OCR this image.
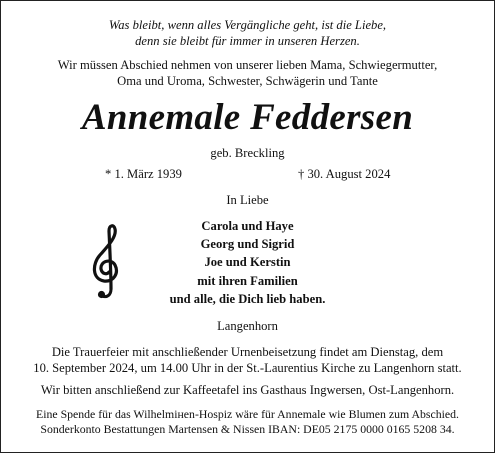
Was bleibt, wenn alles Vergängliche geht, ist die Liebe,
denn sie bleibt für immer in unseren Herzen.
Wir müssen Abschied nehmen von unserer lieben Mama, Schwiegermutter,
Oma und Uroma, Schwester, Schwägerin und Tante
Annemale Feddersen
geb. Breckling
* 1. März 1939	† 30. August 2024
In Liebe
Carola und Haye
Georg und Sigrid
Joe und Kerstin
mit ihren Familien
und alle, die Dich lieb haben.
Langenhorn
Die Trauerfeier mit anschließender Urnenbeisetzung findet am Dienstag, dem
10. September 2024, um 14.00 Uhr in der St.-Laurentius Kirche zu Langenhorn statt.
Wir bitten anschließend zur Kaffeetafel ins Gasthaus Ingwersen, Ost-Langenhorn.
Eine Spende für das Wilhelmінen-Hospiz wäre für Annemale wie Blumen zum Abschied.
Sonderkonto Bestattungen Martensen & Nissen IBAN: DE05 2175 0000 0165 5208 34.
